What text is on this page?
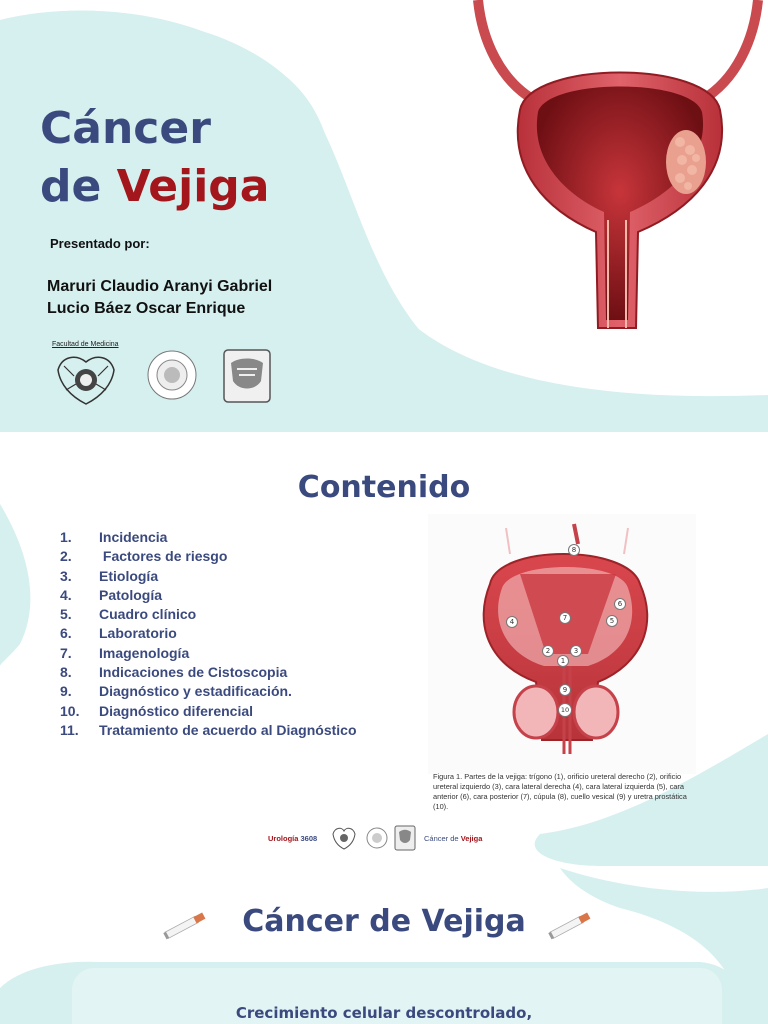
Cáncer
de Vejiga
Presentado por:
Maruri Claudio Aranyi Gabriel
Lucio Báez Oscar Enrique
Facultad de Medicina
Contenido
1.	Incidencia
2.	Factores de riesgo
3.	Etiología
4.	Patología
5.	Cuadro clínico
6.	Laboratorio
7.	Imagenología
8.	Indicaciones de Cistoscopia
9.	Diagnóstico y estadificación.
10.	Diagnóstico diferencial
11.	Tratamiento de acuerdo al Diagnóstico
8
7
4
6
5
2	3
1
9
10
Figura 1. Partes de la vejiga: trígono (1), orificio ureteral derecho (2), orificio ureteral izquierdo (3), cara lateral derecha (4), cara lateral izquierda (5), cara anterior (6), cara posterior (7), cúpula (8), cuello vesical (9) y uretra prostática (10).
Urología 3608	Cáncer de Vejiga
Cáncer de Vejiga
Crecimiento celular descontrolado,
